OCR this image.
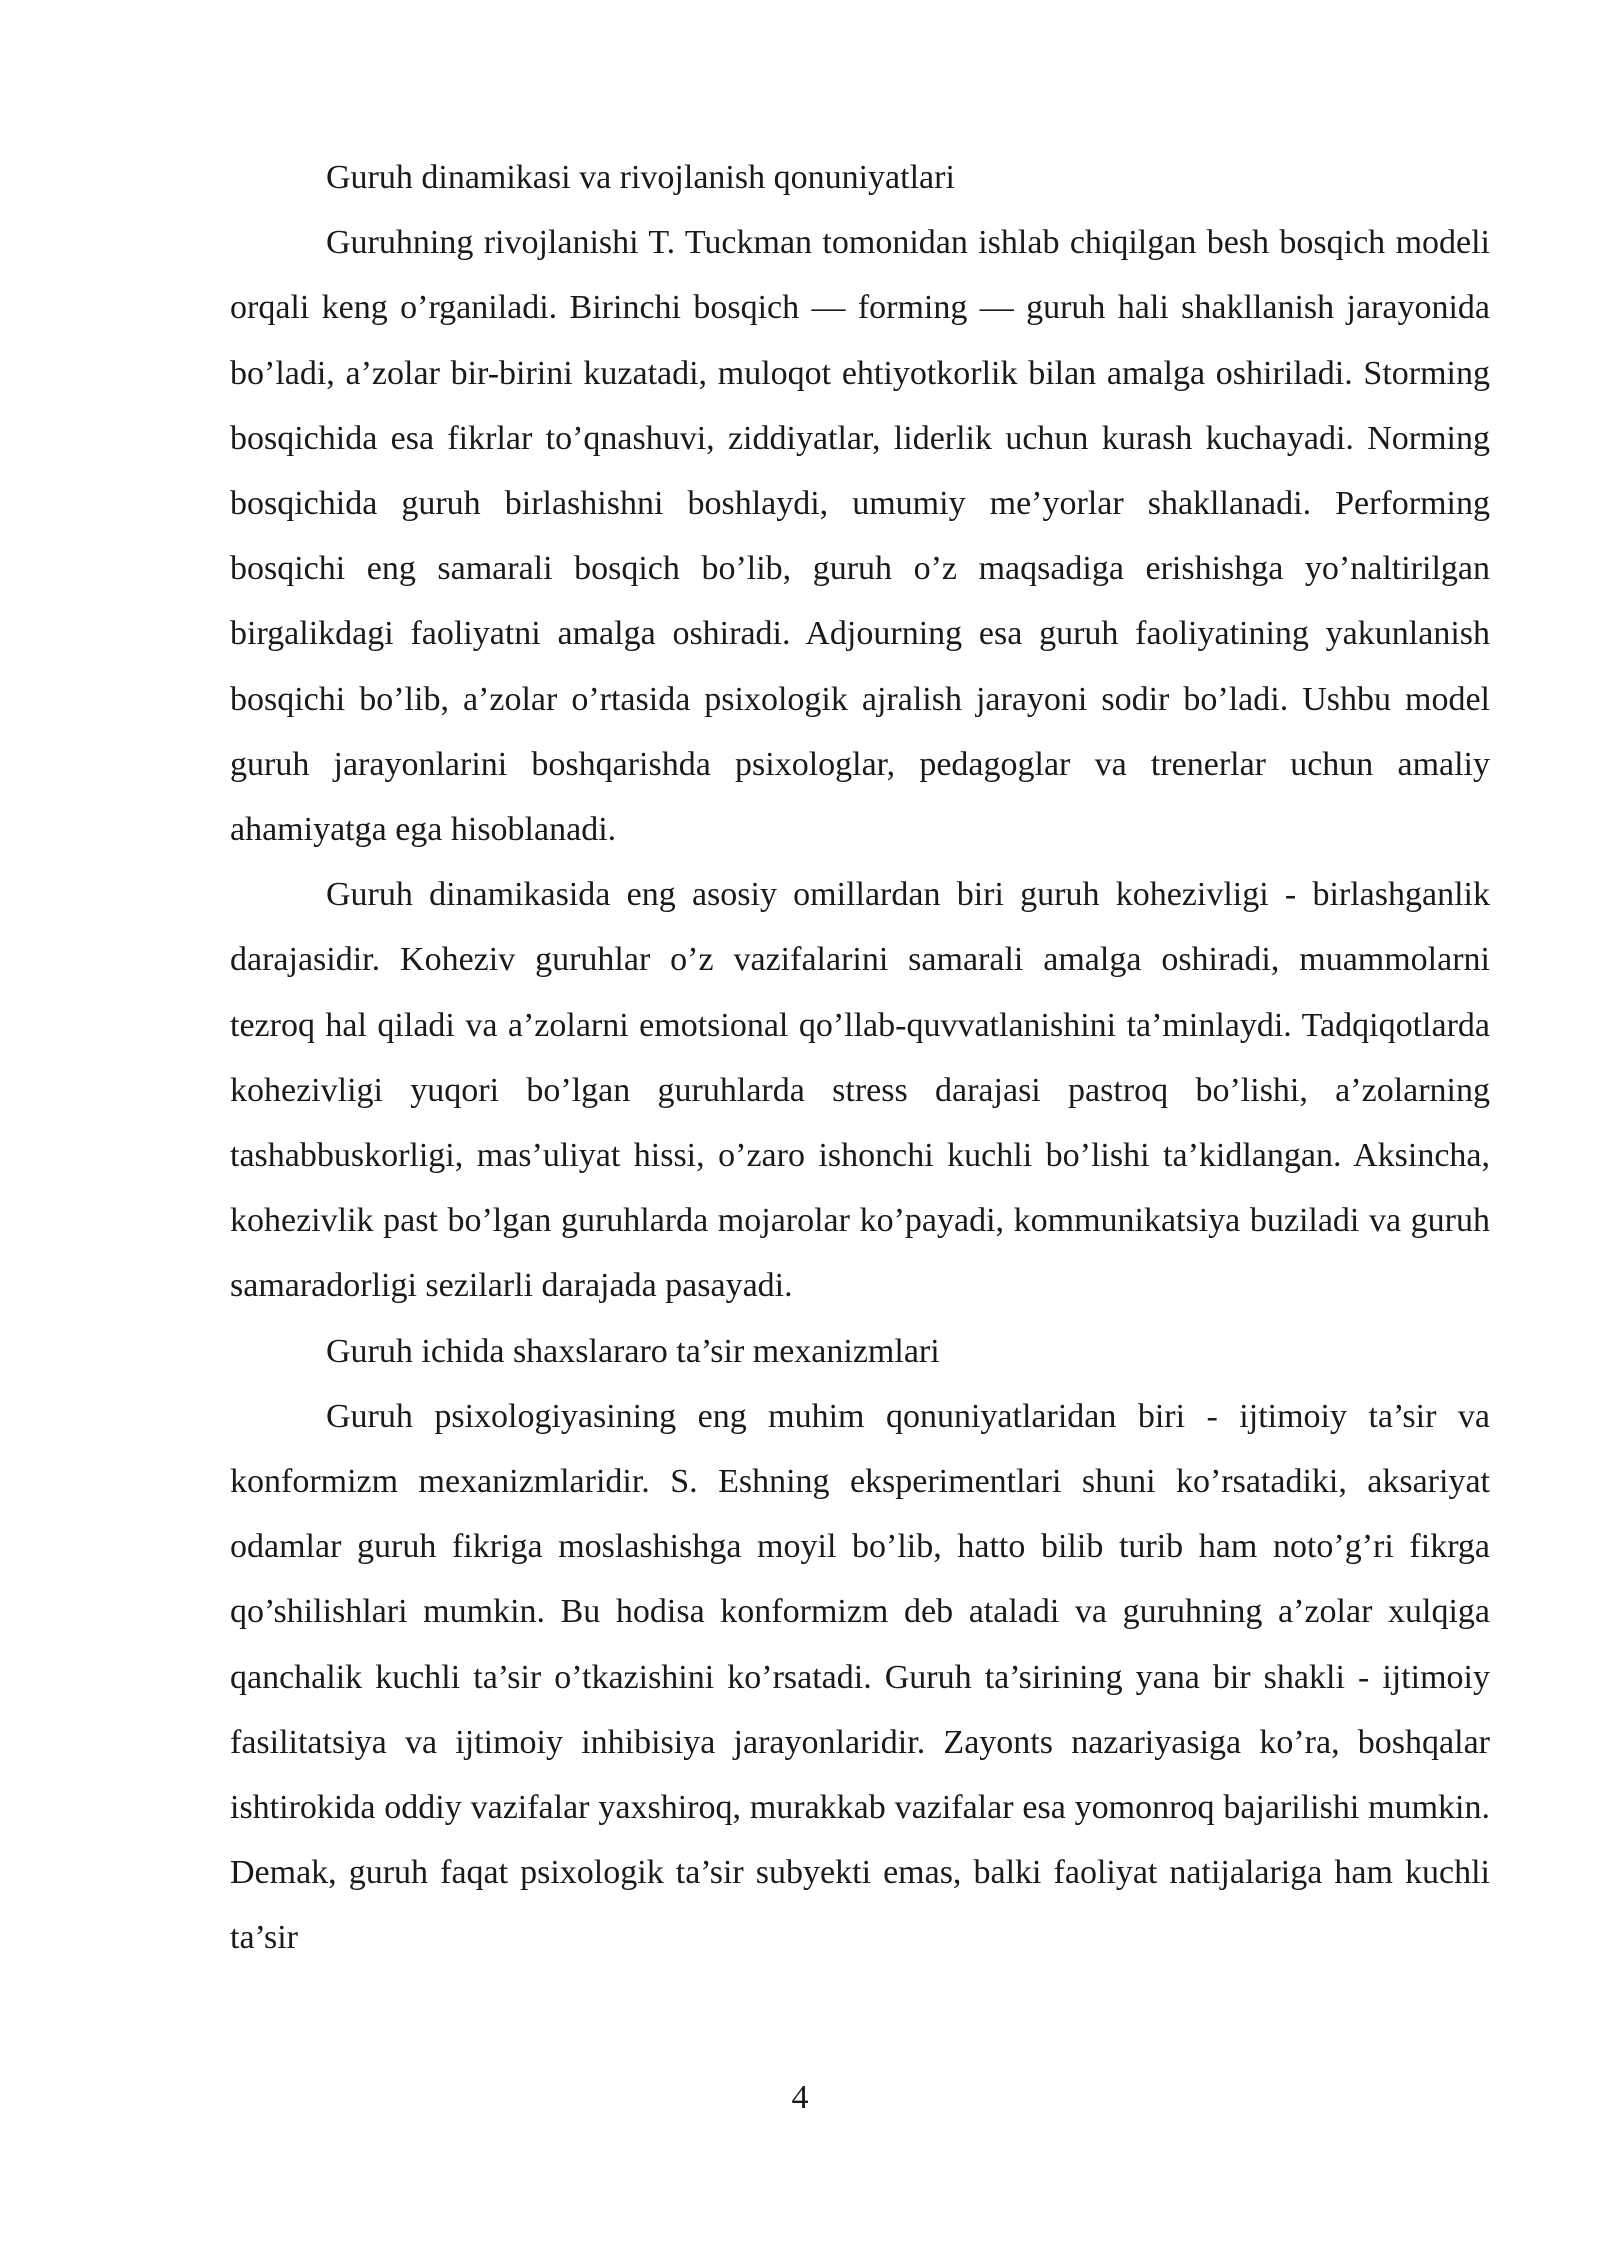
Guruh dinamikasi va rivojlanish qonuniyatlari

Guruhning rivojlanishi T. Tuckman tomonidan ishlab chiqilgan besh bosqich modeli orqali keng o’rganiladi. Birinchi bosqich — forming — guruh hali shakllanish jarayonida bo’ladi, a’zolar bir-birini kuzatadi, muloqot ehtiyotkorlik bilan amalga oshiriladi. Storming bosqichida esa fikrlar to’qnashuvi, ziddiyatlar, liderlik uchun kurash kuchayadi. Norming bosqichida guruh birlashishni boshlaydi, umumiy me’yorlar shakllanadi. Performing bosqichi eng samarali bosqich bo’lib, guruh o’z maqsadiga erishishga yo’naltirilgan birgalikdagi faoliyatni amalga oshiradi. Adjourning esa guruh faoliyatining yakunlanish bosqichi bo’lib, a’zolar o’rtasida psixologik ajralish jarayoni sodir bo’ladi. Ushbu model guruh jarayonlarini boshqarishda psixologlar, pedagoglar va trenerlar uchun amaliy ahamiyatga ega hisoblanadi.

Guruh dinamikasida eng asosiy omillardan biri guruh kohezivligi - birlashganlik darajasidir. Koheziv guruhlar o’z vazifalarini samarali amalga oshiradi, muammolarni tezroq hal qiladi va a’zolarni emotsional qo’llab-quvvatlanishini ta’minlaydi. Tadqiqotlarda kohezivligi yuqori bo’lgan guruhlarda stress darajasi pastroq bo’lishi, a’zolarning tashabbuskorligi, mas’uliyat hissi, o’zaro ishonchi kuchli bo’lishi ta’kidlangan. Aksincha, kohezivlik past bo’lgan guruhlarda mojarolar ko’payadi, kommunikatsiya buziladi va guruh samaradorligi sezilarli darajada pasayadi.

Guruh ichida shaxslararo ta’sir mexanizmlari

Guruh psixologiyasining eng muhim qonuniyatlaridan biri - ijtimoiy ta’sir va konformizm mexanizmlaridir. S. Eshning eksperimentlari shuni ko’rsatadiki, aksariyat odamlar guruh fikriga moslashishga moyil bo’lib, hatto bilib turib ham noto’g’ri fikrga qo’shilishlari mumkin. Bu hodisa konformizm deb ataladi va guruhning a’zolar xulqiga qanchalik kuchli ta’sir o’tkazishini ko’rsatadi. Guruh ta’sirining yana bir shakli - ijtimoiy fasilitatsiya va ijtimoiy inhibisiya jarayonlaridir. Zayonts nazariyasiga ko’ra, boshqalar ishtirokida oddiy vazifalar yaxshiroq, murakkab vazifalar esa yomonroq bajarilishi mumkin. Demak, guruh faqat psixologik ta’sir subyekti emas, balki faoliyat natijalariga ham kuchli ta’sir

4
